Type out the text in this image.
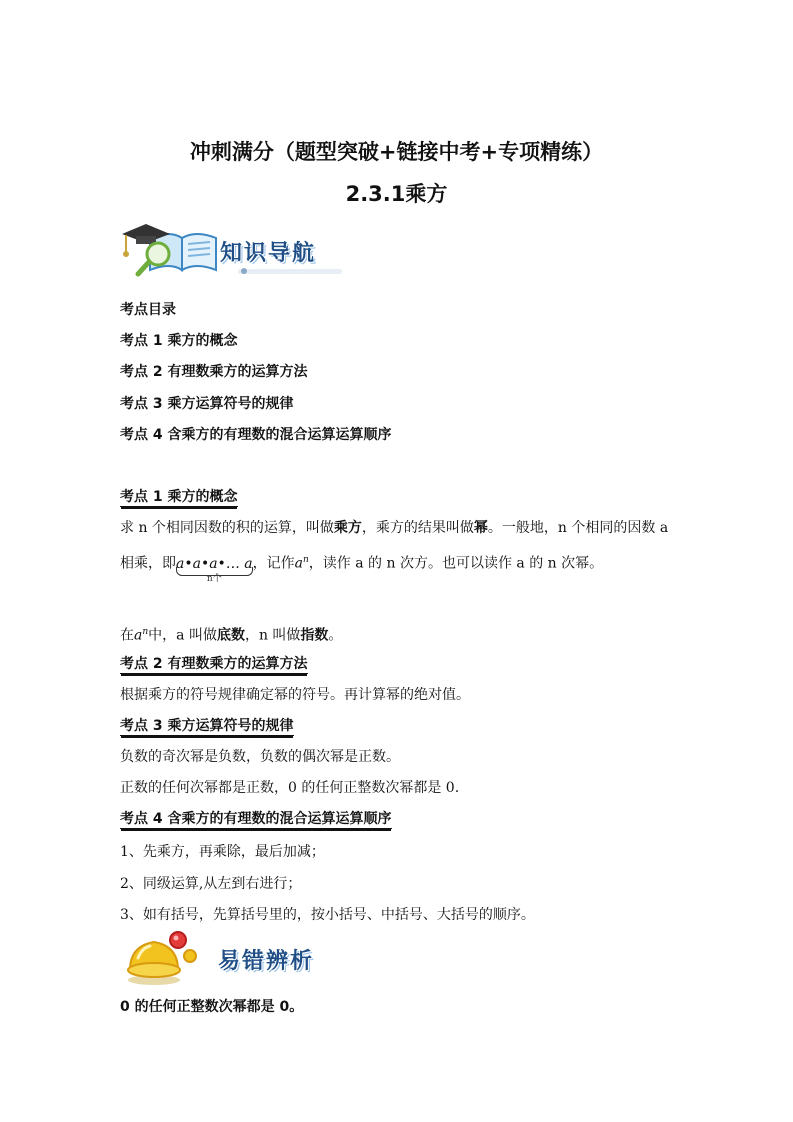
冲刺满分（题型突破+链接中考+专项精练）
2.3.1乘方
知识导航
考点目录
考点 1 乘方的概念
考点 2 有理数乘方的运算方法
考点 3 乘方运算符号的规律
考点 4 含乘方的有理数的混合运算运算顺序
考点 1 乘方的概念
求 n 个相同因数的积的运算，叫做乘方，乘方的结果叫做幂。一般地，n 个相同的因数 a 相乘，即a•a•a•… a
n个
，记作$a^n$，读作 a 的 n 次方。也可以读作 a 的 n 次幂。
在$a^n$中，a 叫做底数，n 叫做指数。
考点 2 有理数乘方的运算方法
根据乘方的符号规律确定幂的符号。再计算幂的绝对值。
考点 3 乘方运算符号的规律
负数的奇次幂是负数，负数的偶次幂是正数。
正数的任何次幂都是正数，0 的任何正整数次幂都是 0.
考点 4 含乘方的有理数的混合运算运算顺序
1、先乘方，再乘除，最后加减；
2、同级运算,从左到右进行；
3、如有括号，先算括号里的，按小括号、中括号、大括号的顺序。
易错辨析
0 的任何正整数次幂都是 0。
